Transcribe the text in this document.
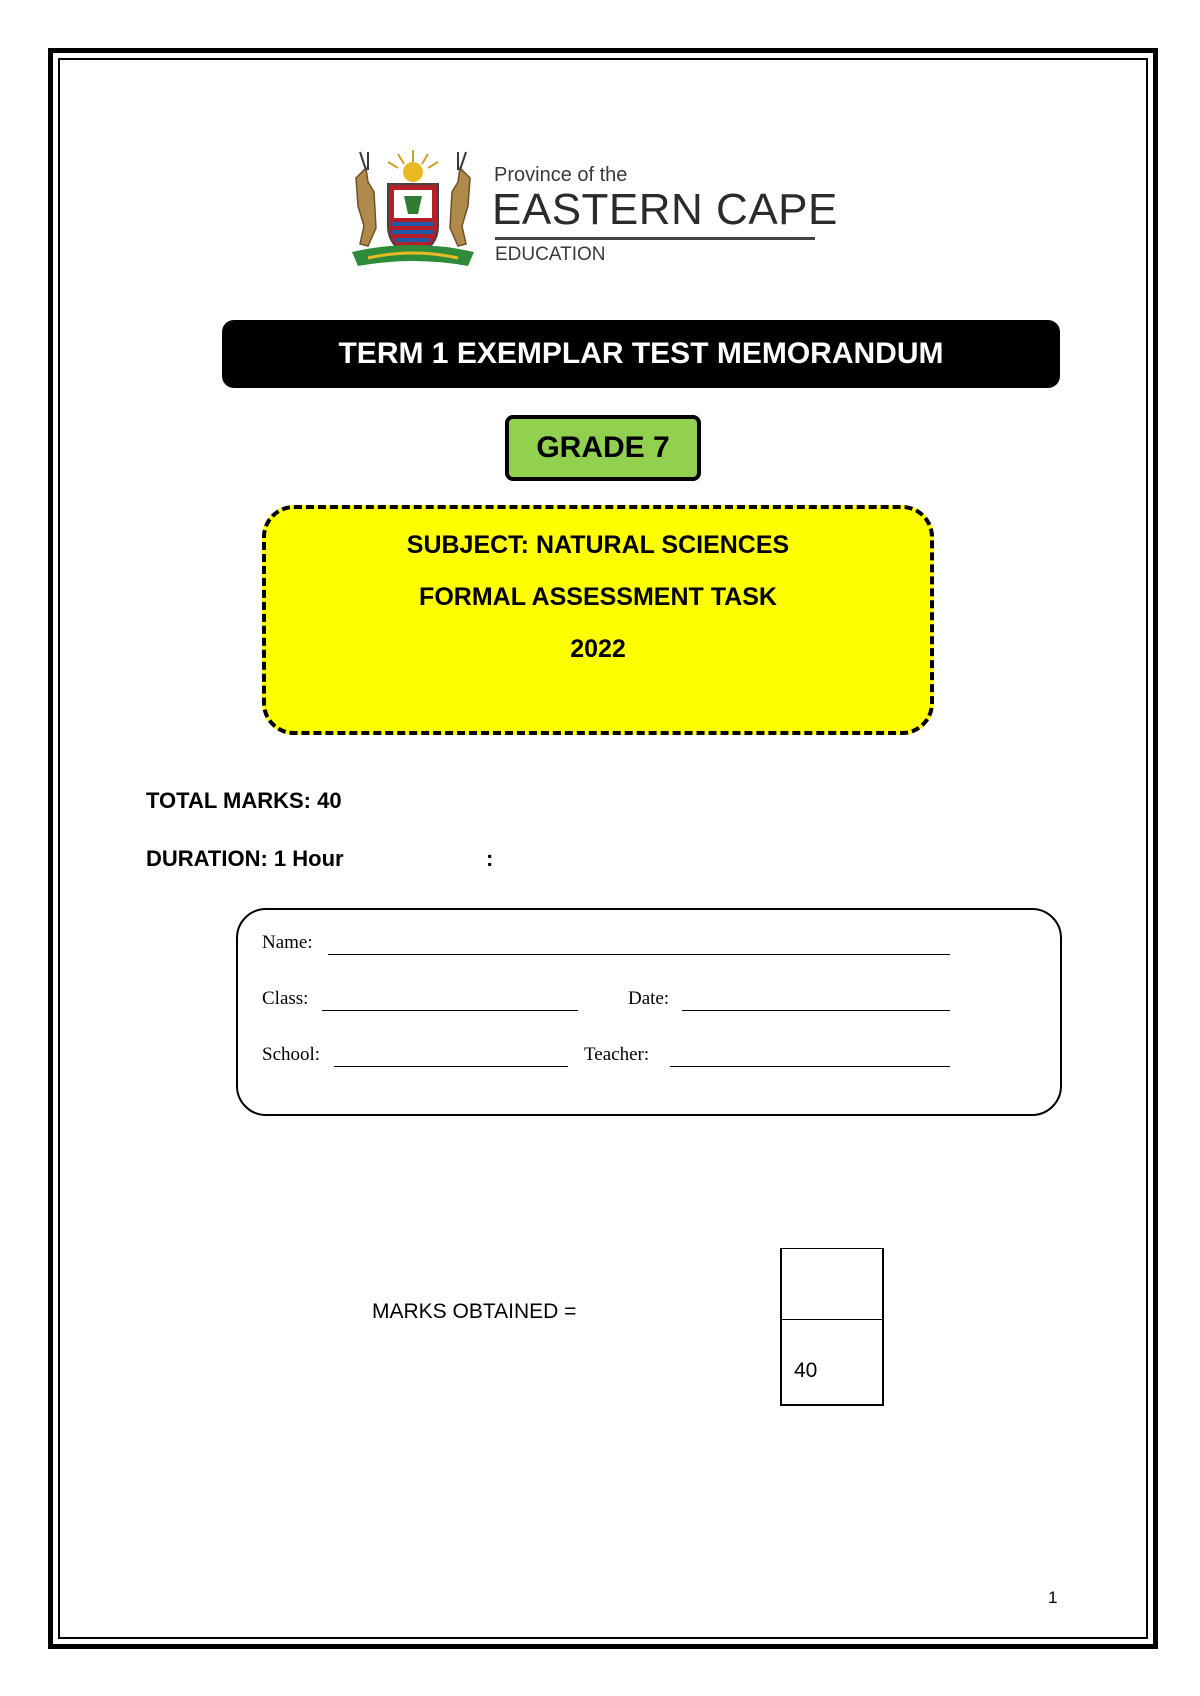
Province of the
EASTERN CAPE
EDUCATION
TERM 1 EXEMPLAR TEST MEMORANDUM
GRADE 7
SUBJECT: NATURAL SCIENCES
FORMAL ASSESSMENT TASK
2022
TOTAL MARKS: 40
DURATION: 1 Hour	:
Name:
Class:	Date:
School:	Teacher:
MARKS OBTAINED =
40
1
